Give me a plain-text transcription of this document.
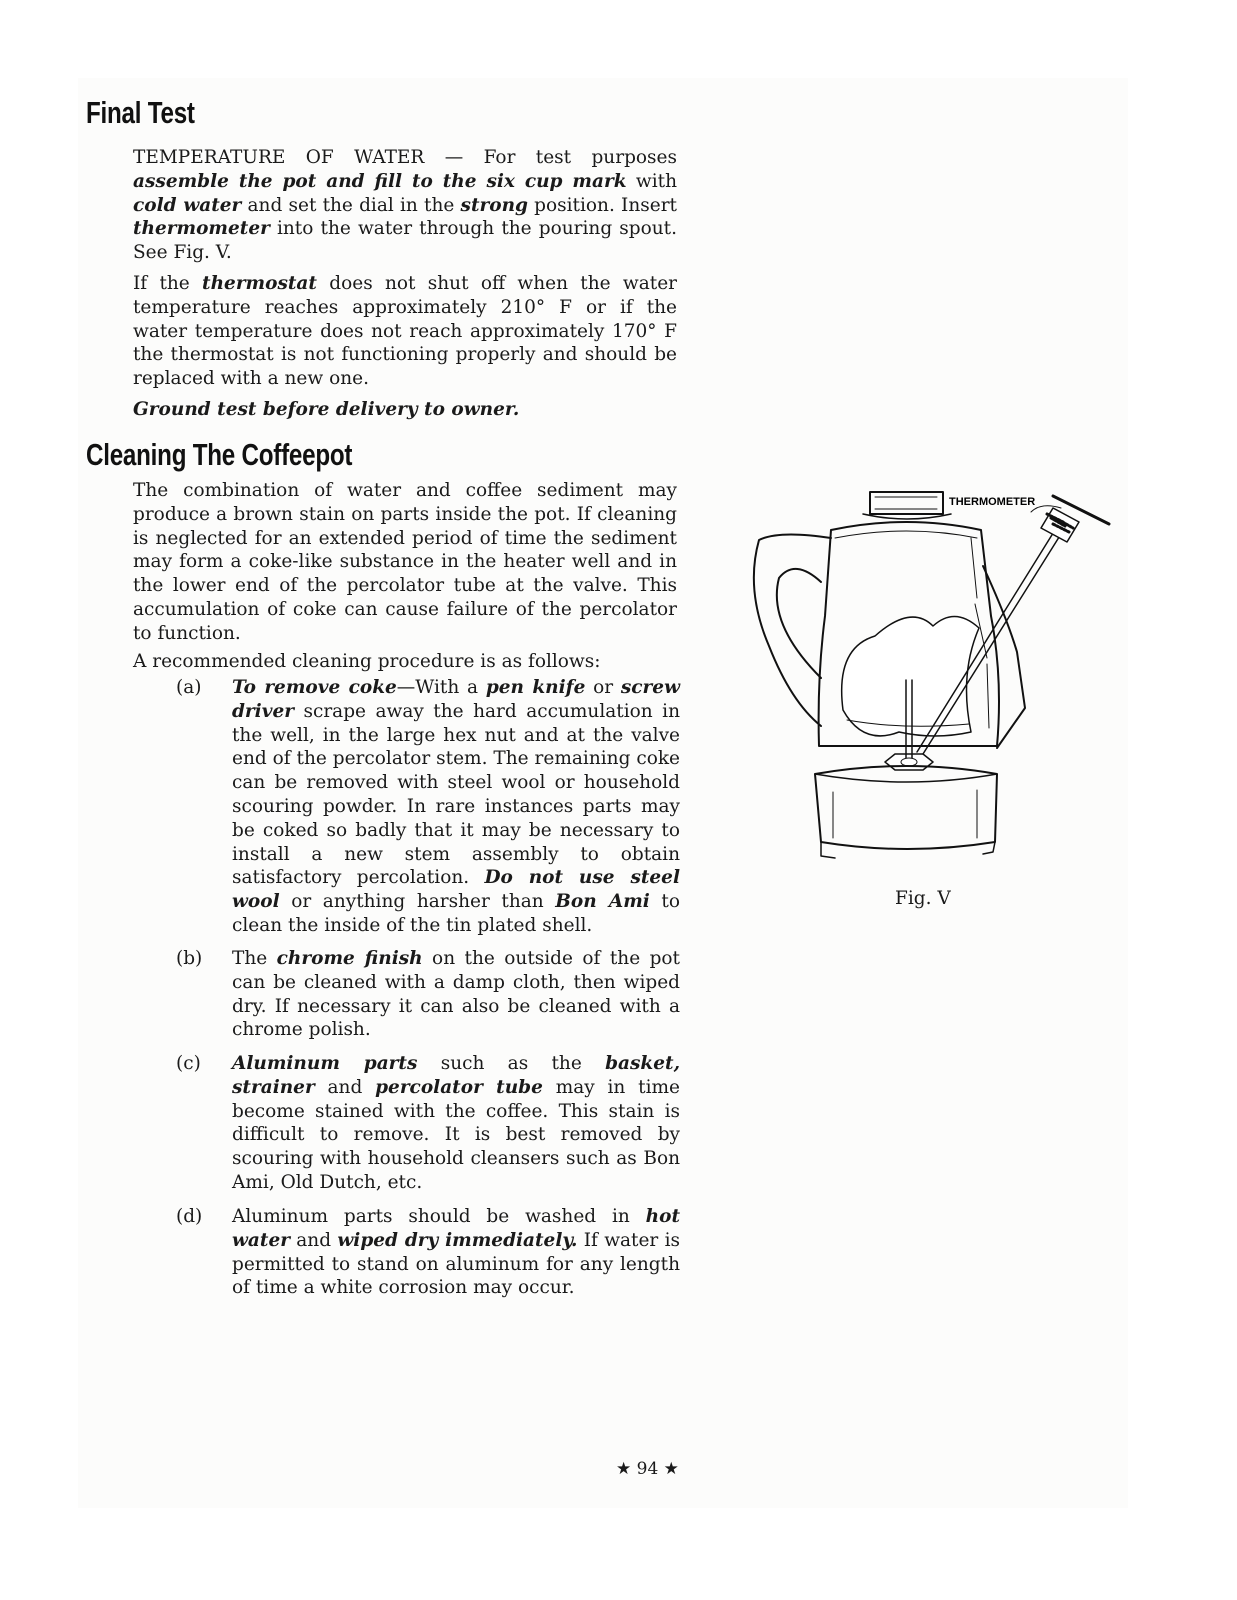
Final Test

TEMPERATURE OF WATER — For test purposes assemble the pot and fill to the six cup mark with cold water and set the dial in the strong position. Insert thermometer into the water through the pouring spout. See Fig. V.

If the thermostat does not shut off when the water temperature reaches approximately 210° F or if the water temperature does not reach approximately 170° F the thermostat is not functioning properly and should be replaced with a new one.

Ground test before delivery to owner.

Cleaning The Coffeepot

The combination of water and coffee sediment may produce a brown stain on parts inside the pot. If cleaning is neglected for an extended period of time the sediment may form a coke-like substance in the heater well and in the lower end of the percolator tube at the valve. This accumulation of coke can cause failure of the percolator to function.

A recommended cleaning procedure is as follows:

(a) To remove coke—With a pen knife or screw driver scrape away the hard accumulation in the well, in the large hex nut and at the valve end of the percolator stem. The remaining coke can be removed with steel wool or household scouring powder. In rare instances parts may be coked so badly that it may be necessary to install a new stem assembly to obtain satisfactory percolation. Do not use steel wool or anything harsher than Bon Ami to clean the inside of the tin plated shell.
(b) The chrome finish on the outside of the pot can be cleaned with a damp cloth, then wiped dry. If necessary it can also be cleaned with a chrome polish.
(c) Aluminum parts such as the basket, strainer and percolator tube may in time become stained with the coffee. This stain is difficult to remove. It is best removed by scouring with household cleansers such as Bon Ami, Old Dutch, etc.
(d) Aluminum parts should be washed in hot water and wiped dry immediately. If water is permitted to stand on aluminum for any length of time a white corrosion may occur.
THERMOMETER
Fig. V
★ 94 ★
